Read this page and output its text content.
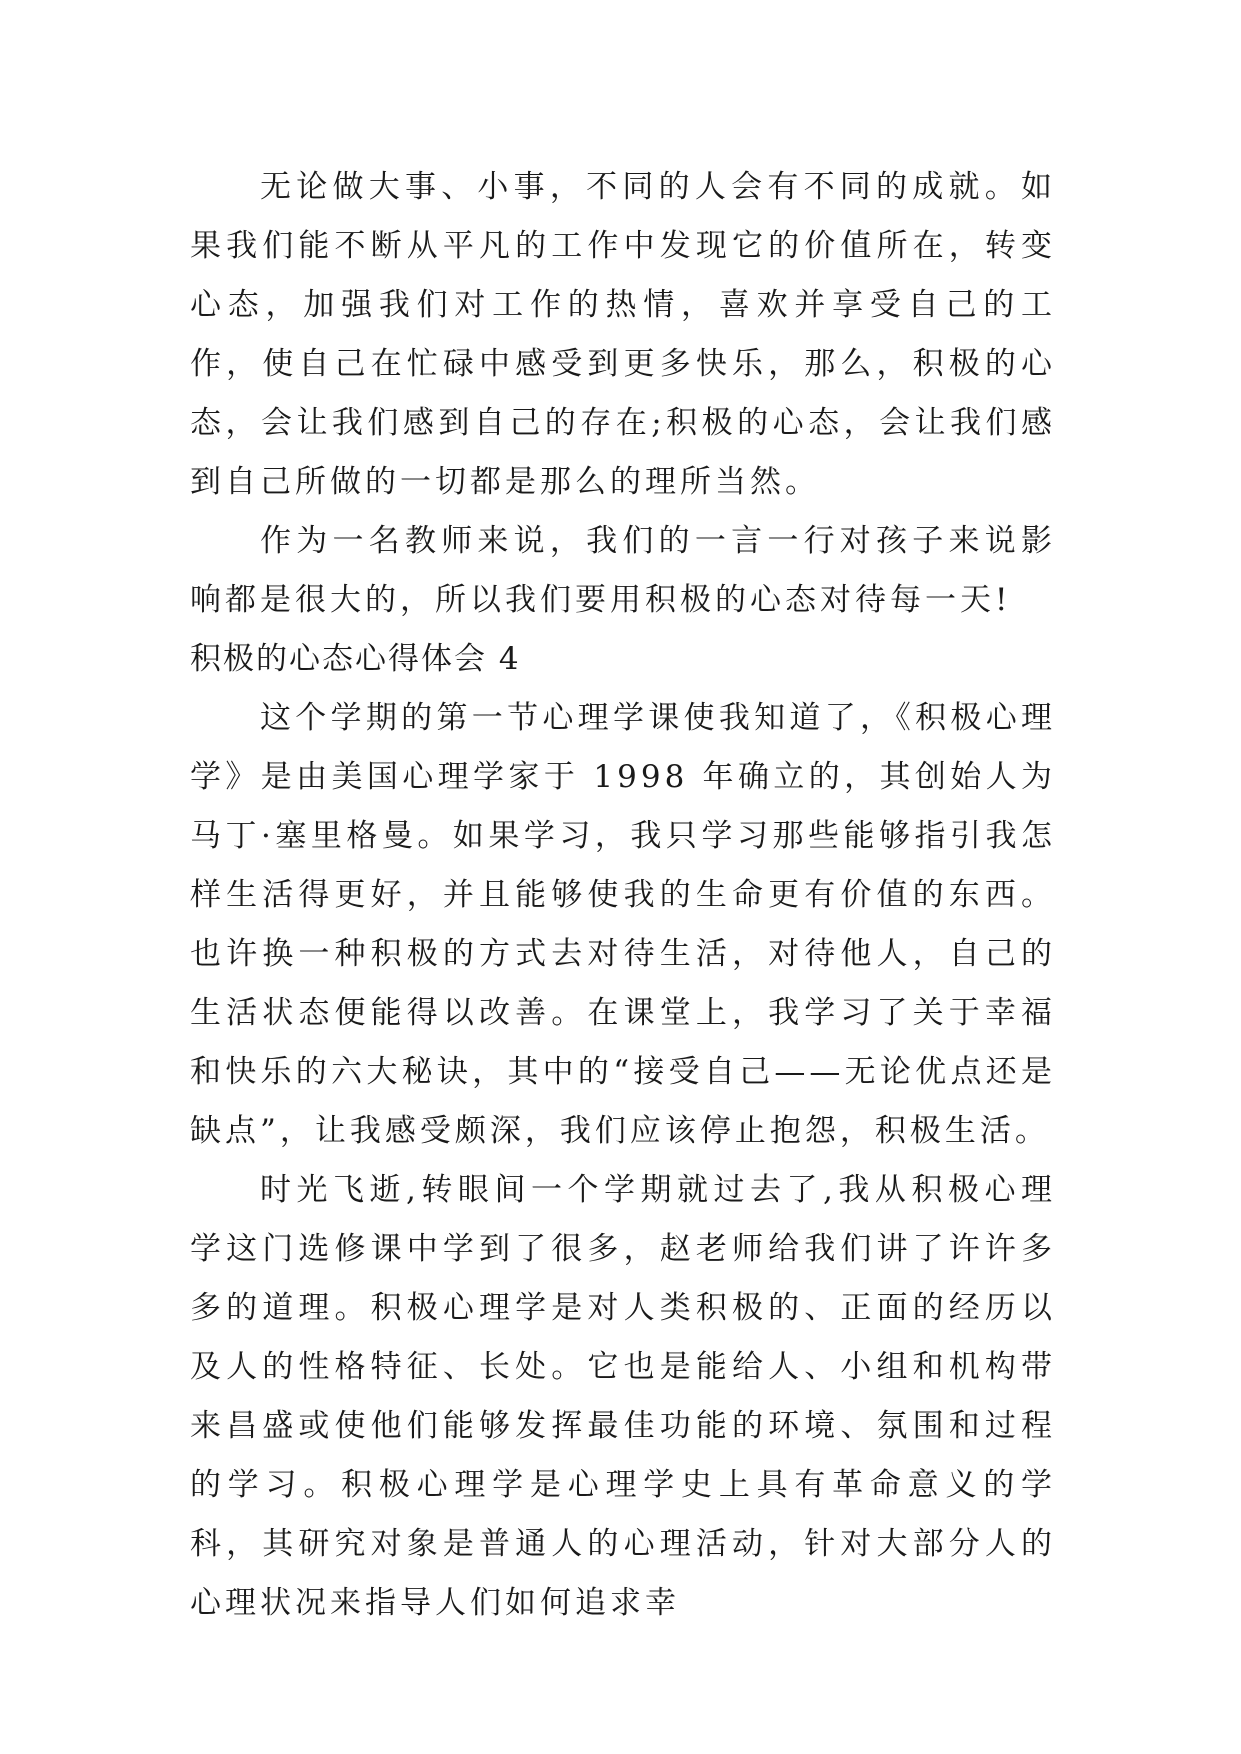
无论做大事、小事，不同的人会有不同的成就。如果我们能不断从平凡的工作中发现它的价值所在，转变心态，加强我们对工作的热情，喜欢并享受自己的工作，使自己在忙碌中感受到更多快乐，那么，积极的心态，会让我们感到自己的存在;积极的心态，会让我们感到自己所做的一切都是那么的理所当然。

作为一名教师来说，我们的一言一行对孩子来说影响都是很大的，所以我们要用积极的心态对待每一天!

积极的心态心得体会 4

这个学期的第一节心理学课使我知道了，《积极心理学》是由美国心理学家于 1998 年确立的，其创始人为马丁·塞里格曼。如果学习，我只学习那些能够指引我怎样生活得更好，并且能够使我的生命更有价值的东西。也许换一种积极的方式去对待生活，对待他人，自己的生活状态便能得以改善。在课堂上，我学习了关于幸福和快乐的六大秘诀，其中的“接受自己——无论优点还是缺点”，让我感受颇深，我们应该停止抱怨，积极生活。

时光飞逝,转眼间一个学期就过去了,我从积极心理学这门选修课中学到了很多，赵老师给我们讲了许许多多的道理。积极心理学是对人类积极的、正面的经历以及人的性格特征、长处。它也是能给人、小组和机构带来昌盛或使他们能够发挥最佳功能的环境、氛围和过程的学习。积极心理学是心理学史上具有革命意义的学科，其研究对象是普通人的心理活动，针对大部分人的心理状况来指导人们如何追求幸
